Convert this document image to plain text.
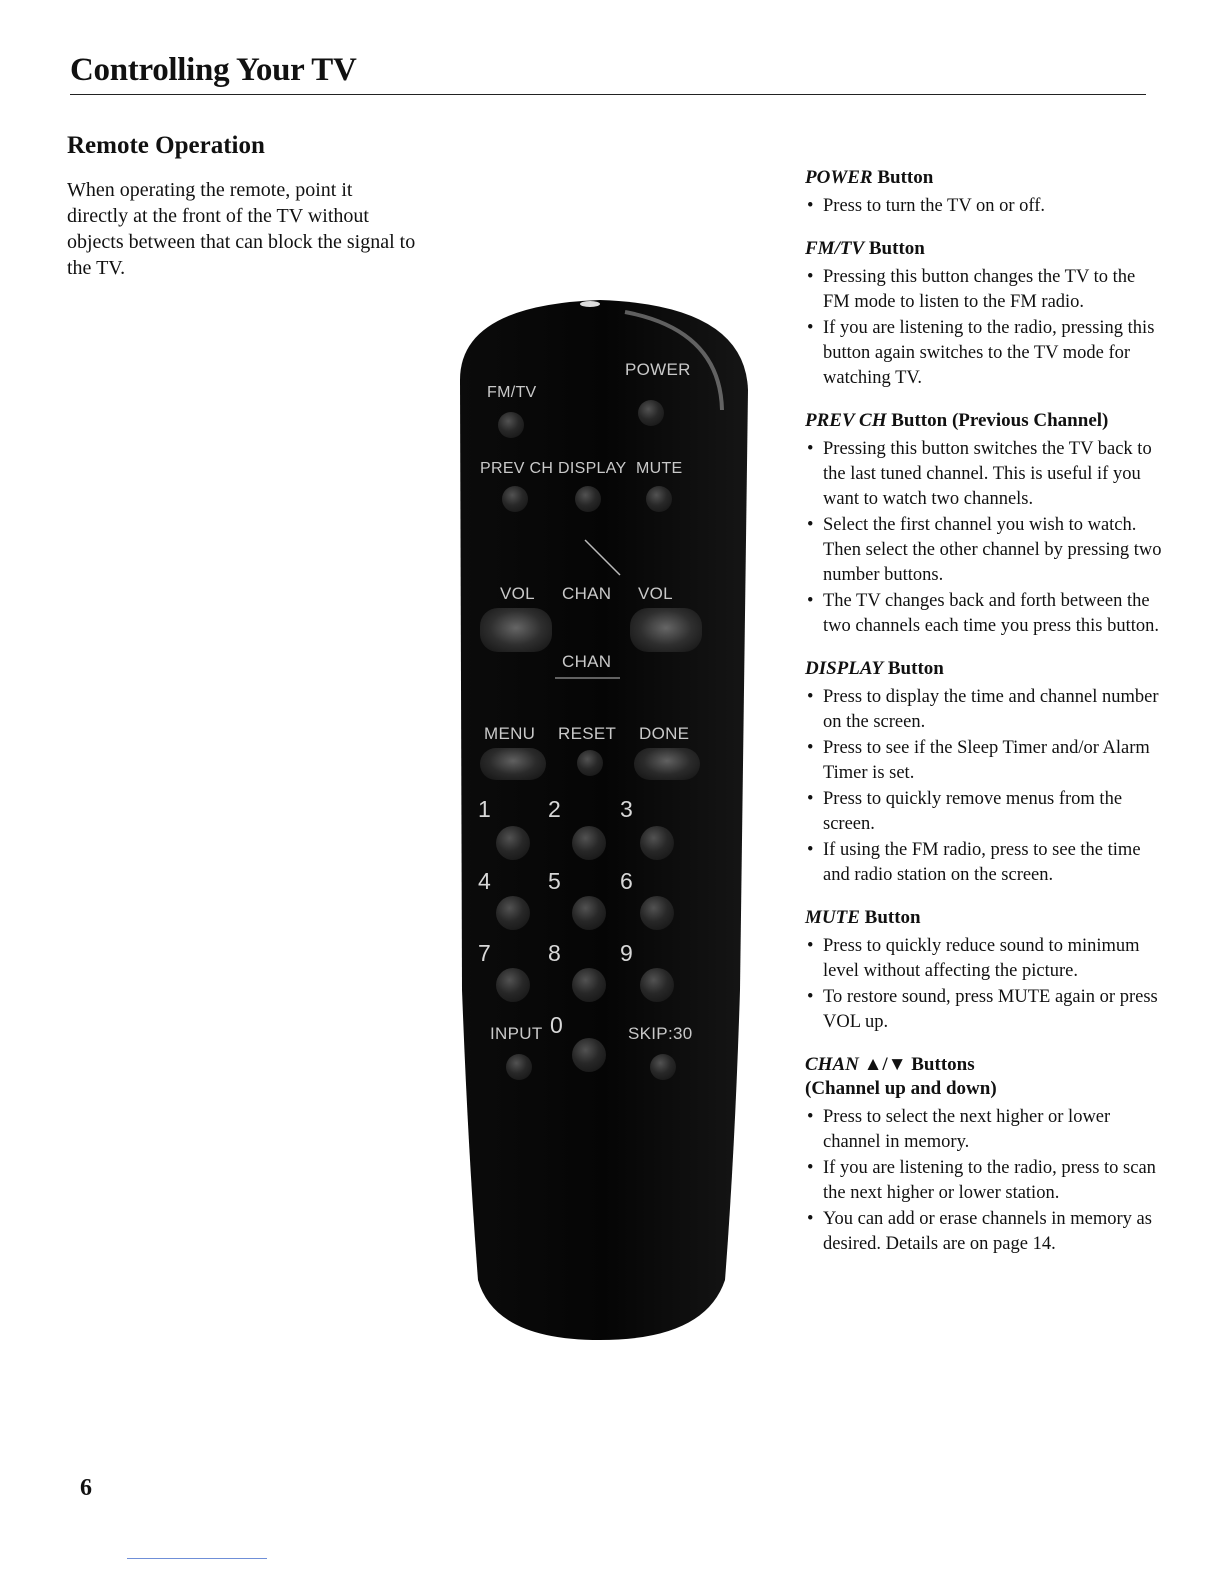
Controlling Your TV
Remote Operation

When operating the remote, point it directly at the front of the TV without objects between that can block the signal to the TV.

POWER
FM/TV
PREV CH DISPLAY MUTE
VOL CHAN VOL
CHAN
MENU RESET DONE
1 2	3
4 5	6
7 8	9
INPUT 0	SKIP:30

POWER Button

• Press to turn the TV on or off.

FM/TV Button

• Pressing this button changes the TV to the FM mode to listen to the FM radio.
• If you are listening to the radio, pressing this button again switches to the TV mode for watching TV.

PREV CH Button (Previous Channel)

• Pressing this button switches the TV back to the last tuned channel. This is useful if you want to watch two channels.
• Select the first channel you wish to watch. Then select the other channel by pressing two number buttons.
• The TV changes back and forth between the two channels each time you press this button.

DISPLAY Button

• Press to display the time and channel number on the screen.
• Press to see if the Sleep Timer and/or Alarm Timer is set.
• Press to quickly remove menus from the screen.
• If using the FM radio, press to see the time and radio station on the screen.

MUTE Button

• Press to quickly reduce sound to minimum level without affecting the picture.
• To restore sound, press MUTE again or press VOL up.

CHAN ▲/▼ Buttons
(Channel up and down)

• Press to select the next higher or lower channel in memory.
• If you are listening to the radio, press to scan the next higher or lower station.
• You can add or erase channels in memory as desired. Details are on page 14.
6
